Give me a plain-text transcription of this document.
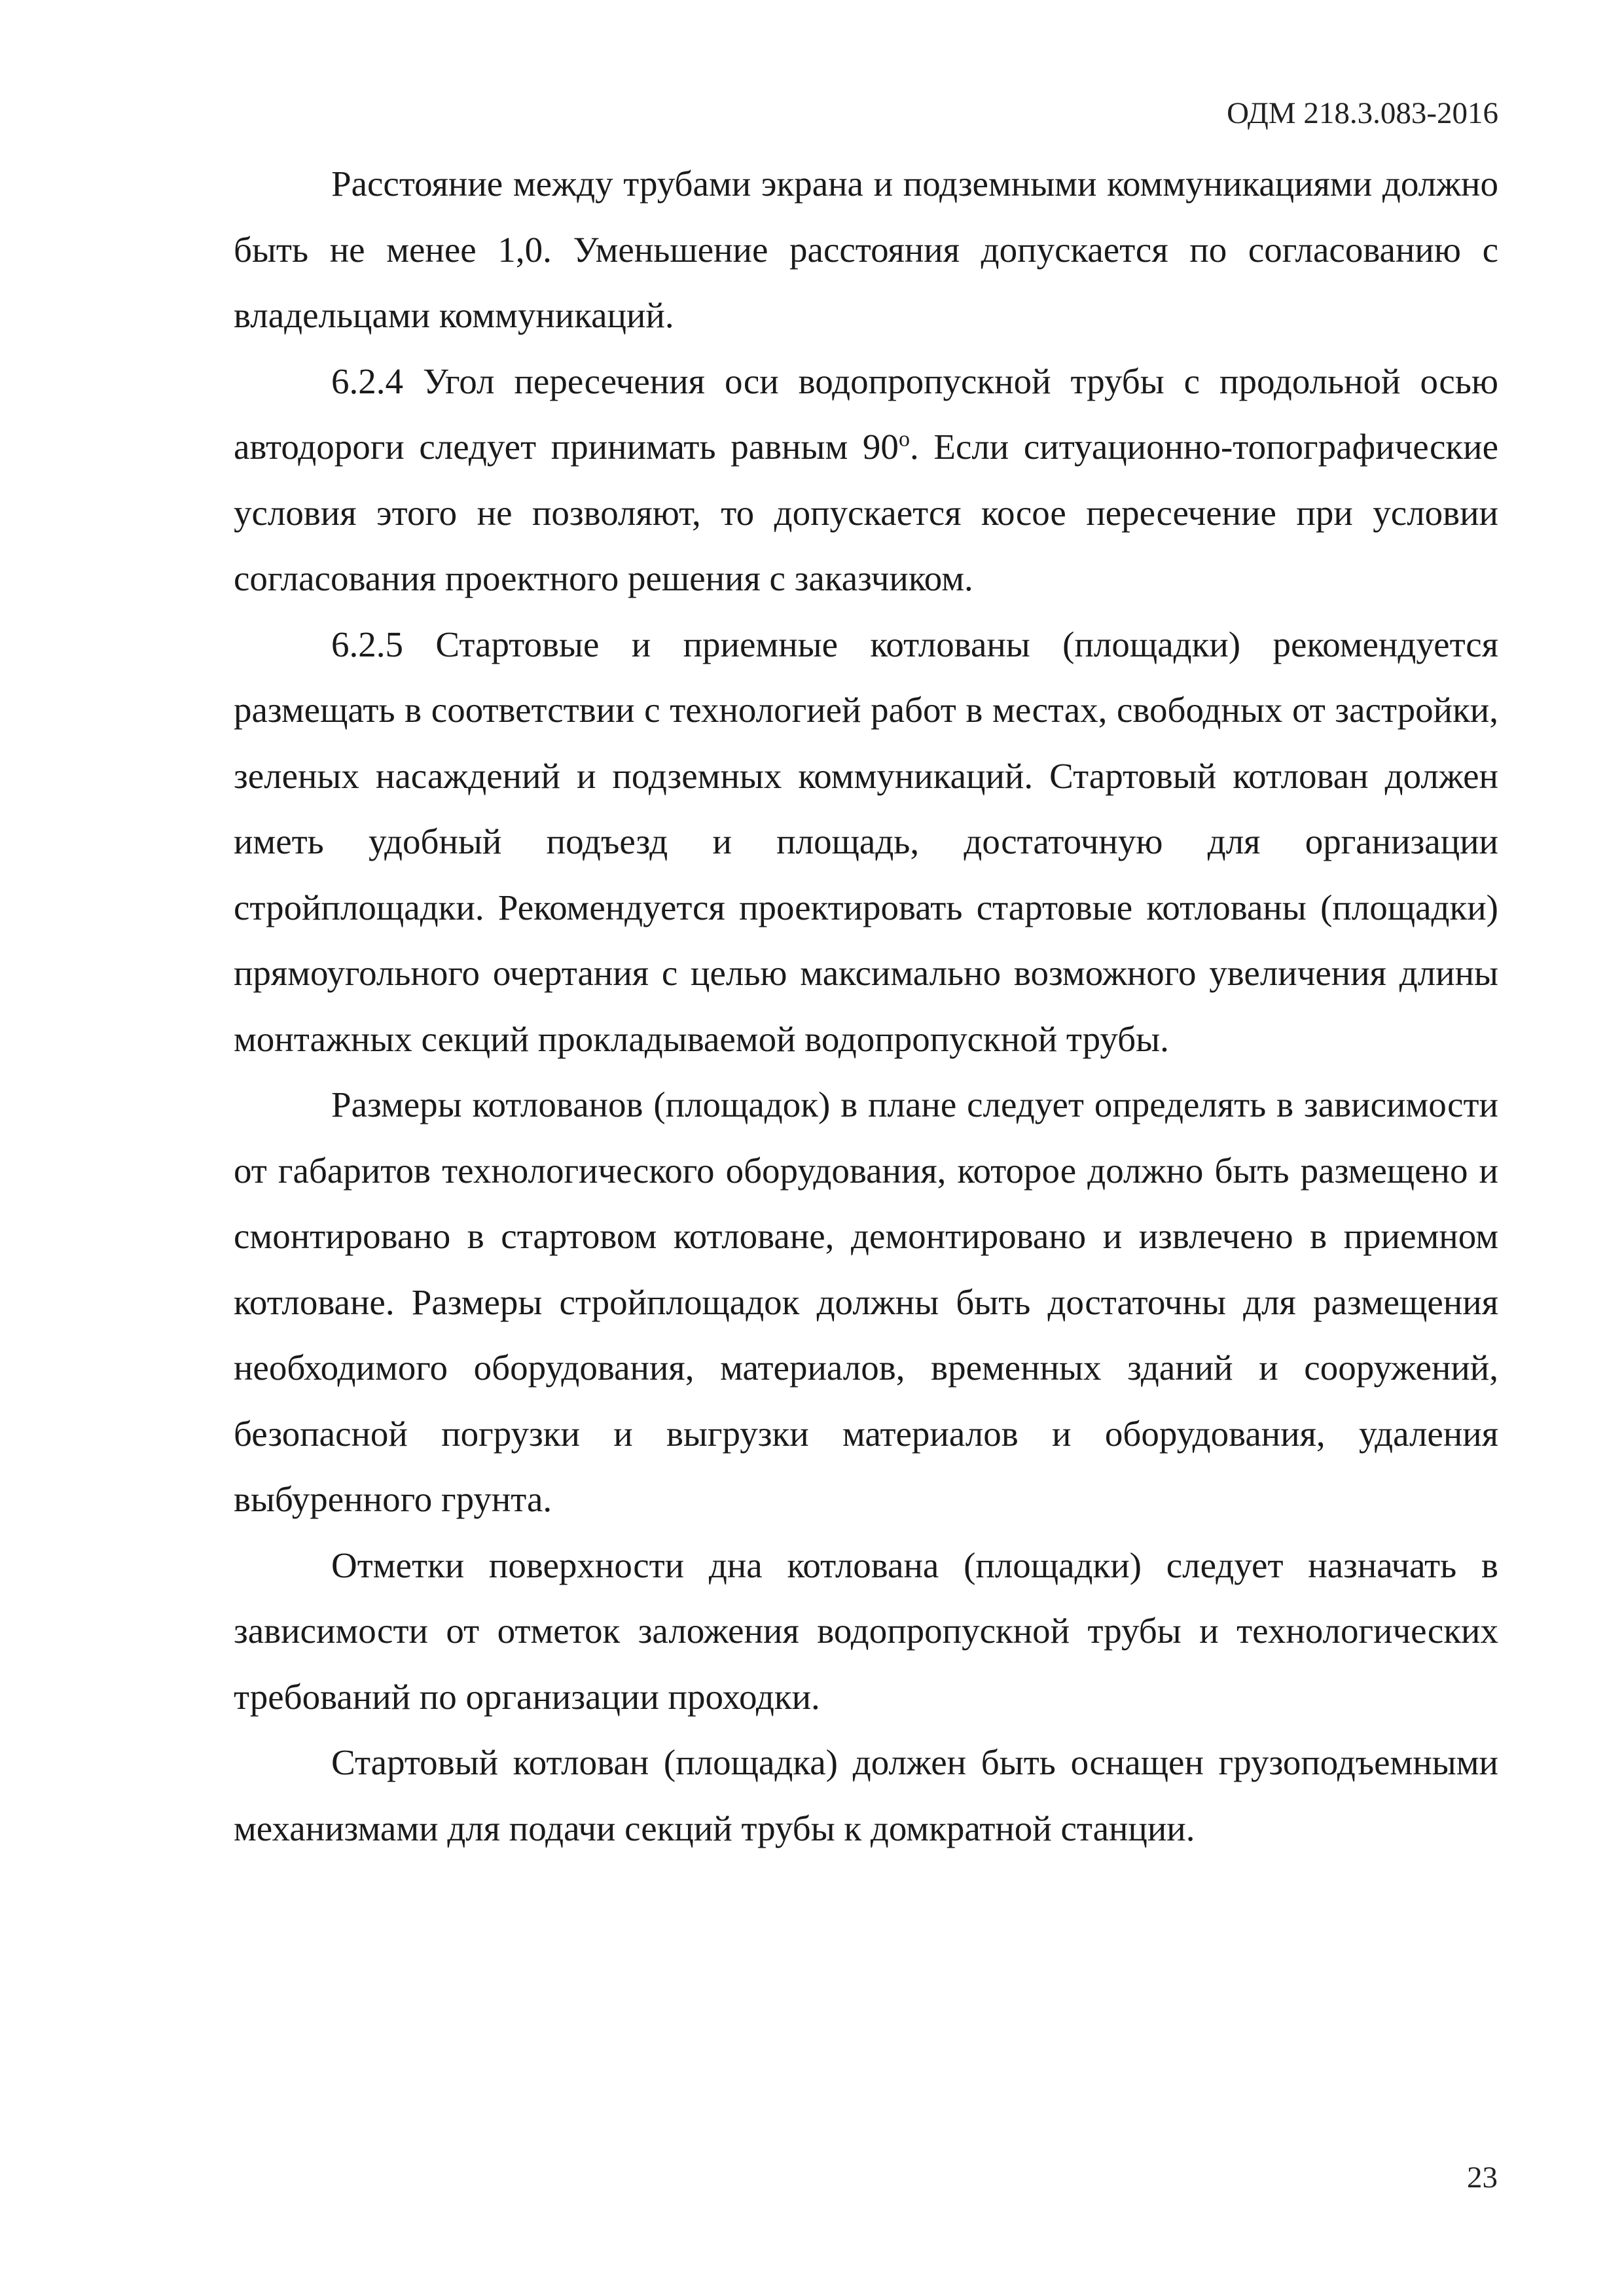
ОДМ 218.3.083-2016

Расстояние между трубами экрана и подземными коммуникациями должно быть не менее 1,0. Уменьшение расстояния допускается по согласованию с владельцами коммуникаций.

6.2.4 Угол пересечения оси водопропускной трубы с продольной осью автодороги следует принимать равным 90$^o$. Если ситуационно-топографические условия этого не позволяют, то допускается косое пересечение при условии согласования проектного решения с заказчиком.

6.2.5 Стартовые и приемные котлованы (площадки) рекомендуется размещать в соответствии с технологией работ в местах, свободных от застройки, зеленых насаждений и подземных коммуникаций. Стартовый котлован должен иметь удобный подъезд и площадь, достаточную для организации стройплощадки. Рекомендуется проектировать стартовые котлованы (площадки) прямоугольного очертания с целью максимально возможного увеличения длины монтажных секций прокладываемой водопропускной трубы.

Размеры котлованов (площадок) в плане следует определять в зависимости от габаритов технологического оборудования, которое должно быть размещено и смонтировано в стартовом котловане, демонтировано и извлечено в приемном котловане. Размеры стройплощадок должны быть достаточны для размещения необходимого оборудования, материалов, временных зданий и сооружений, безопасной погрузки и выгрузки материалов и оборудования, удаления выбуренного грунта.

Отметки поверхности дна котлована (площадки) следует назначать в зависимости от отметок заложения водопропускной трубы и технологических требований по организации проходки.

Стартовый котлован (площадка) должен быть оснащен грузоподъемными механизмами для подачи секций трубы к домкратной станции.

23
